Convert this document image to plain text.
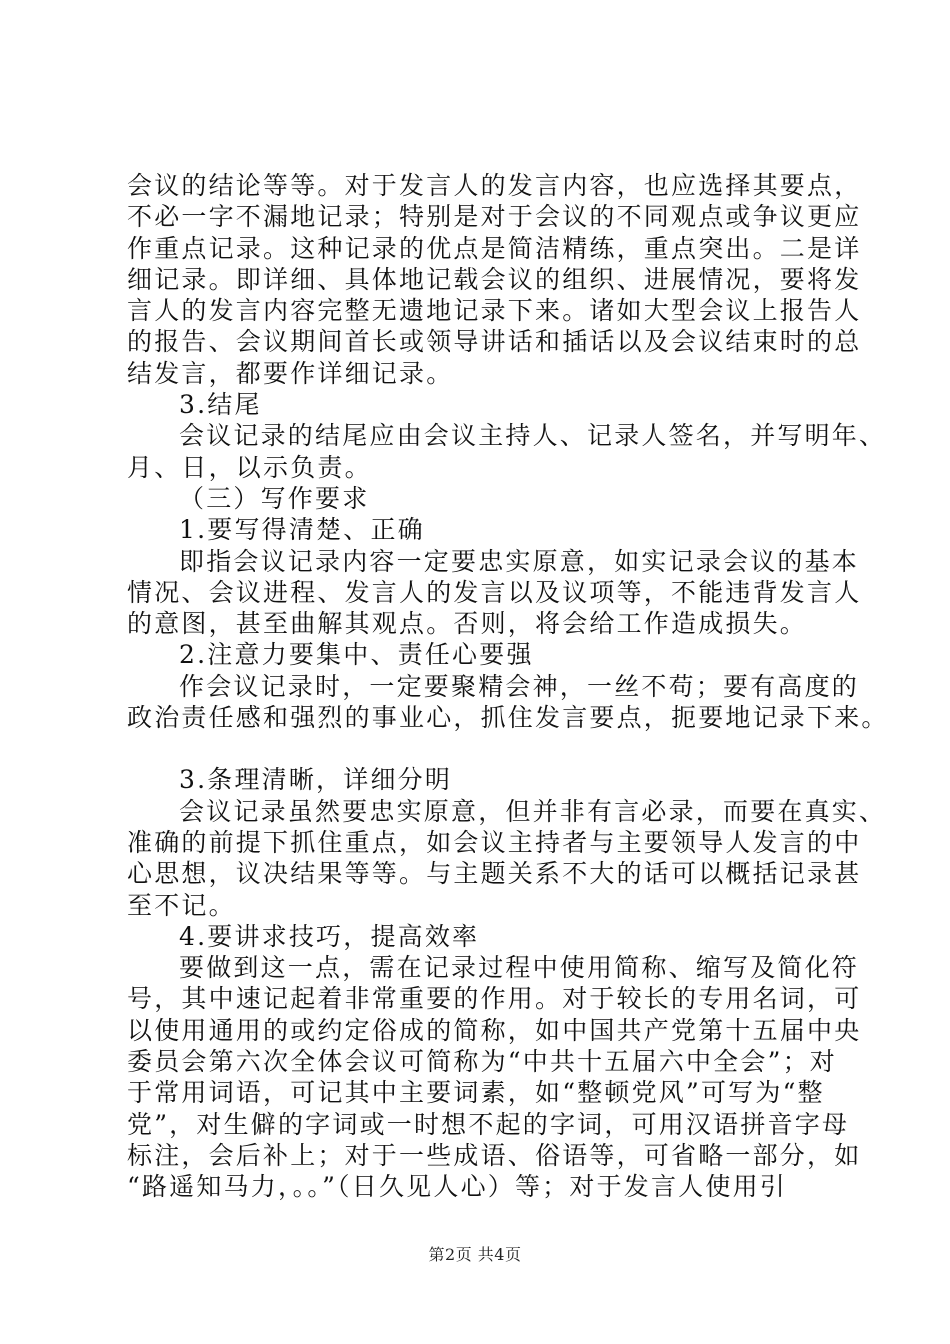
会议的结论等等。对于发言人的发言内容，也应选择其要点，
不必一字不漏地记录；特别是对于会议的不同观点或争议更应
作重点记录。这种记录的优点是简洁精练，重点突出。二是详
细记录。即详细、具体地记载会议的组织、进展情况，要将发
言人的发言内容完整无遗地记录下来。诸如大型会议上报告人
的报告、会议期间首长或领导讲话和插话以及会议结束时的总
结发言，都要作详细记录。
3.结尾
会议记录的结尾应由会议主持人、记录人签名，并写明年、
月、日，以示负责。
（三）写作要求
1.要写得清楚、正确
即指会议记录内容一定要忠实原意，如实记录会议的基本
情况、会议进程、发言人的发言以及议项等，不能违背发言人
的意图，甚至曲解其观点。否则，将会给工作造成损失。
2.注意力要集中、责任心要强
作会议记录时，一定要聚精会神，一丝不苟；要有高度的
政治责任感和强烈的事业心，抓住发言要点，扼要地记录下来。
3.条理清晰，详细分明
会议记录虽然要忠实原意，但并非有言必录，而要在真实、
准确的前提下抓住重点，如会议主持者与主要领导人发言的中
心思想，议决结果等等。与主题关系不大的话可以概括记录甚
至不记。
4.要讲求技巧，提高效率
要做到这一点，需在记录过程中使用简称、缩写及简化符
号，其中速记起着非常重要的作用。对于较长的专用名词，可
以使用通用的或约定俗成的简称，如中国共产党第十五届中央
委员会第六次全体会议可简称为“中共十五届六中全会”；对
于常用词语，可记其中主要词素，如“整顿党风”可写为“整
党”，对生僻的字词或一时想不起的字词，可用汉语拼音字母
标注，会后补上；对于一些成语、俗语等，可省略一部分，如
“路遥知马力，。。”（日久见人心）等；对于发言人使用引
第2页 共4页
